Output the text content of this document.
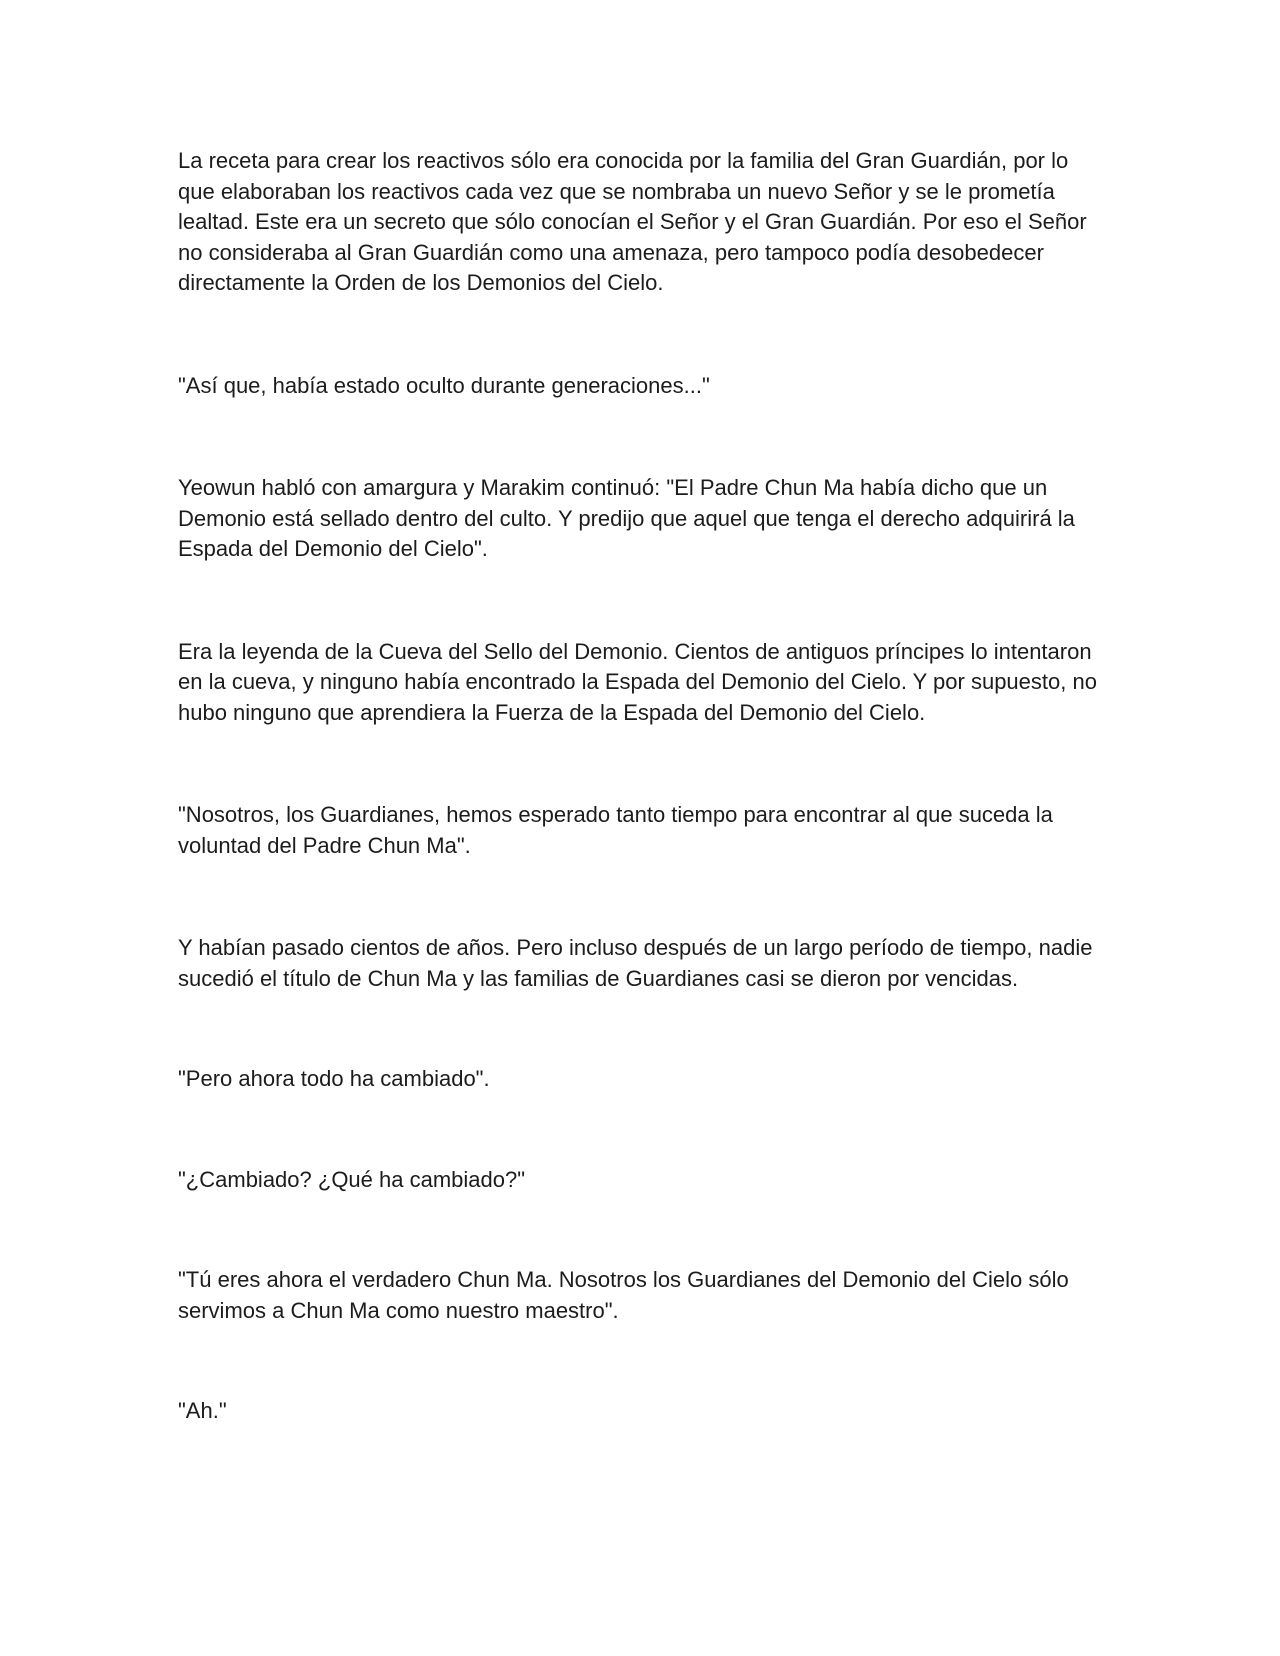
La receta para crear los reactivos sólo era conocida por la familia del Gran Guardián, por lo que elaboraban los reactivos cada vez que se nombraba un nuevo Señor y se le prometía lealtad. Este era un secreto que sólo conocían el Señor y el Gran Guardián. Por eso el Señor no consideraba al Gran Guardián como una amenaza, pero tampoco podía desobedecer directamente la Orden de los Demonios del Cielo.

"Así que, había estado oculto durante generaciones..."

Yeowun habló con amargura y Marakim continuó: "El Padre Chun Ma había dicho que un Demonio está sellado dentro del culto. Y predijo que aquel que tenga el derecho adquirirá la Espada del Demonio del Cielo".

Era la leyenda de la Cueva del Sello del Demonio. Cientos de antiguos príncipes lo intentaron en la cueva, y ninguno había encontrado la Espada del Demonio del Cielo. Y por supuesto, no hubo ninguno que aprendiera la Fuerza de la Espada del Demonio del Cielo.

"Nosotros, los Guardianes, hemos esperado tanto tiempo para encontrar al que suceda la voluntad del Padre Chun Ma".

Y habían pasado cientos de años. Pero incluso después de un largo período de tiempo, nadie sucedió el título de Chun Ma y las familias de Guardianes casi se dieron por vencidas.

"Pero ahora todo ha cambiado".

"¿Cambiado? ¿Qué ha cambiado?"

"Tú eres ahora el verdadero Chun Ma. Nosotros los Guardianes del Demonio del Cielo sólo servimos a Chun Ma como nuestro maestro".

"Ah."
